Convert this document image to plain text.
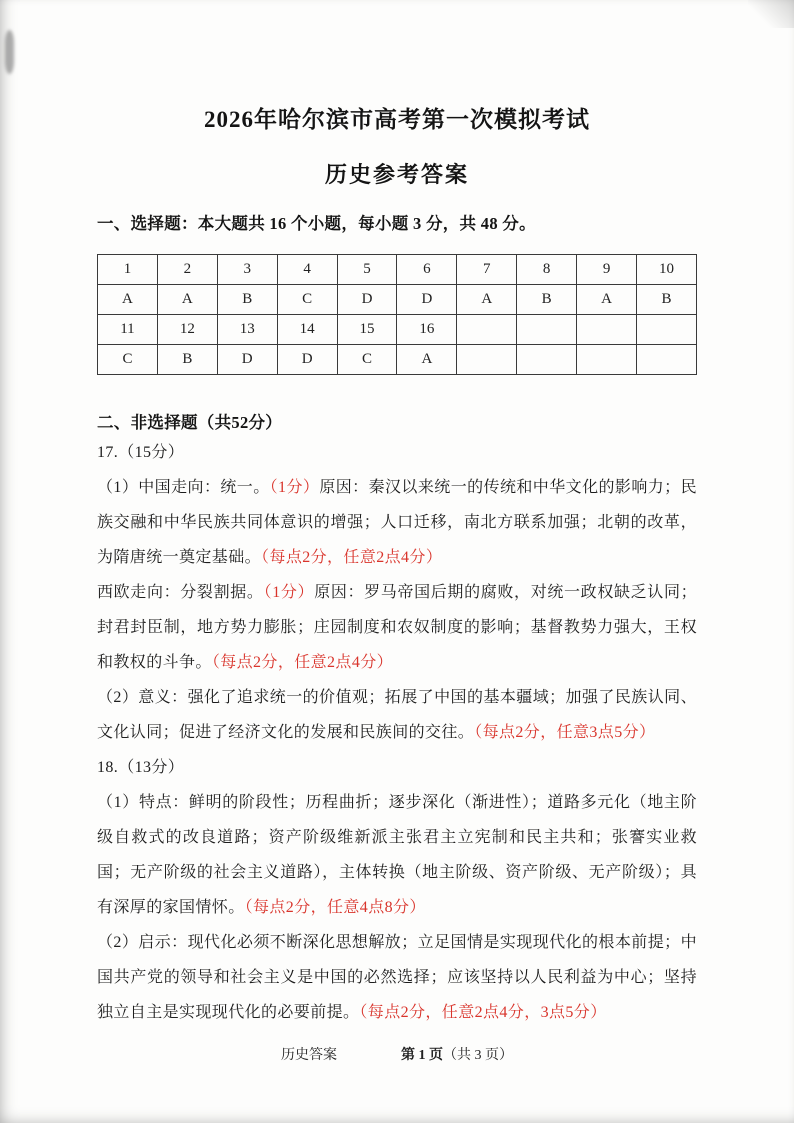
2026年哈尔滨市高考第一次模拟考试
历史参考答案

一、选择题：本大题共 16 个小题，每小题 3 分，共 48 分。

1	2	3	4	5	6	7	8	9	10
A	A	B	C	D	D	A	B	A	B
11	12	13	14	15	16				
C	B	D	D	C	A				

二、非选择题（共52分）

17.（15分）

（1）中国走向：统一。（1分）原因：秦汉以来统一的传统和中华文化的影响力；民族交融和中华民族共同体意识的增强；人口迁移，南北方联系加强；北朝的改革，为隋唐统一奠定基础。（每点2分，任意2点4分）

西欧走向：分裂割据。（1分）原因：罗马帝国后期的腐败，对统一政权缺乏认同；封君封臣制，地方势力膨胀；庄园制度和农奴制度的影响；基督教势力强大，王权和教权的斗争。（每点2分，任意2点4分）

（2）意义：强化了追求统一的价值观；拓展了中国的基本疆域；加强了民族认同、文化认同；促进了经济文化的发展和民族间的交往。（每点2分，任意3点5分）

18.（13分）

（1）特点：鲜明的阶段性；历程曲折；逐步深化（渐进性）；道路多元化（地主阶级自救式的改良道路；资产阶级维新派主张君主立宪制和民主共和；张謇实业救国；无产阶级的社会主义道路），主体转换（地主阶级、资产阶级、无产阶级）；具有深厚的家国情怀。（每点2分，任意4点8分）

（2）启示：现代化必须不断深化思想解放；立足国情是实现现代化的根本前提；中国共产党的领导和社会主义是中国的必然选择；应该坚持以人民利益为中心；坚持独立自主是实现现代化的必要前提。（每点2分，任意2点4分，3点5分）

历史答案	第 1 页（共 3 页）
